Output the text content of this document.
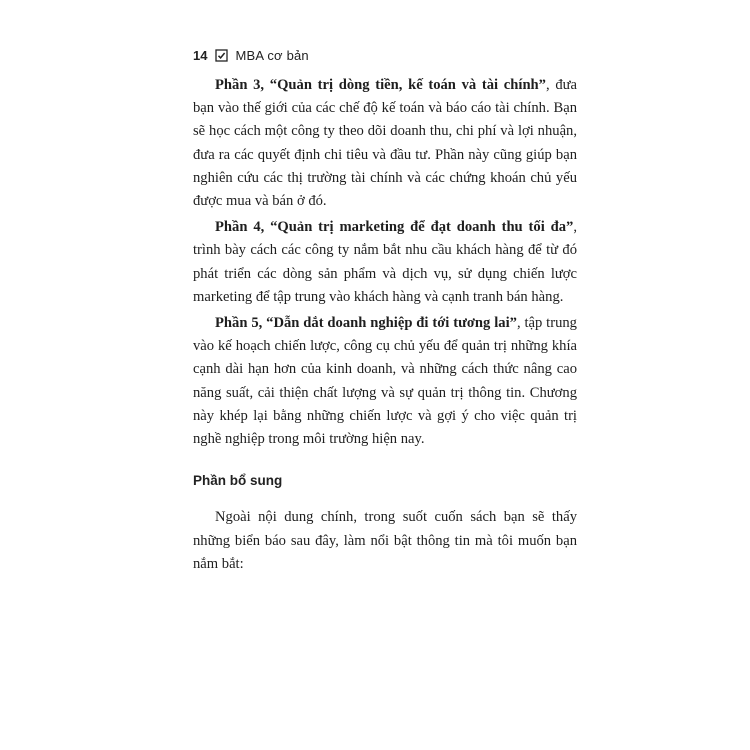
14 MBA cơ bản

Phần 3, “Quản trị dòng tiền, kế toán và tài chính”, đưa bạn vào thế giới của các chế độ kế toán và báo cáo tài chính. Bạn sẽ học cách một công ty theo dõi doanh thu, chi phí và lợi nhuận, đưa ra các quyết định chi tiêu và đầu tư. Phần này cũng giúp bạn nghiên cứu các thị trường tài chính và các chứng khoán chủ yếu được mua và bán ở đó.

Phần 4, “Quản trị marketing để đạt doanh thu tối đa”, trình bày cách các công ty nắm bắt nhu cầu khách hàng để từ đó phát triển các dòng sản phẩm và dịch vụ, sử dụng chiến lược marketing để tập trung vào khách hàng và cạnh tranh bán hàng.

Phần 5, “Dẫn dắt doanh nghiệp đi tới tương lai”, tập trung vào kế hoạch chiến lược, công cụ chủ yếu để quản trị những khía cạnh dài hạn hơn của kinh doanh, và những cách thức nâng cao năng suất, cải thiện chất lượng và sự quản trị thông tin. Chương này khép lại bằng những chiến lược và gợi ý cho việc quản trị nghề nghiệp trong môi trường hiện nay.

Phần bổ sung

Ngoài nội dung chính, trong suốt cuốn sách bạn sẽ thấy những biển báo sau đây, làm nổi bật thông tin mà tôi muốn bạn nắm bắt:
